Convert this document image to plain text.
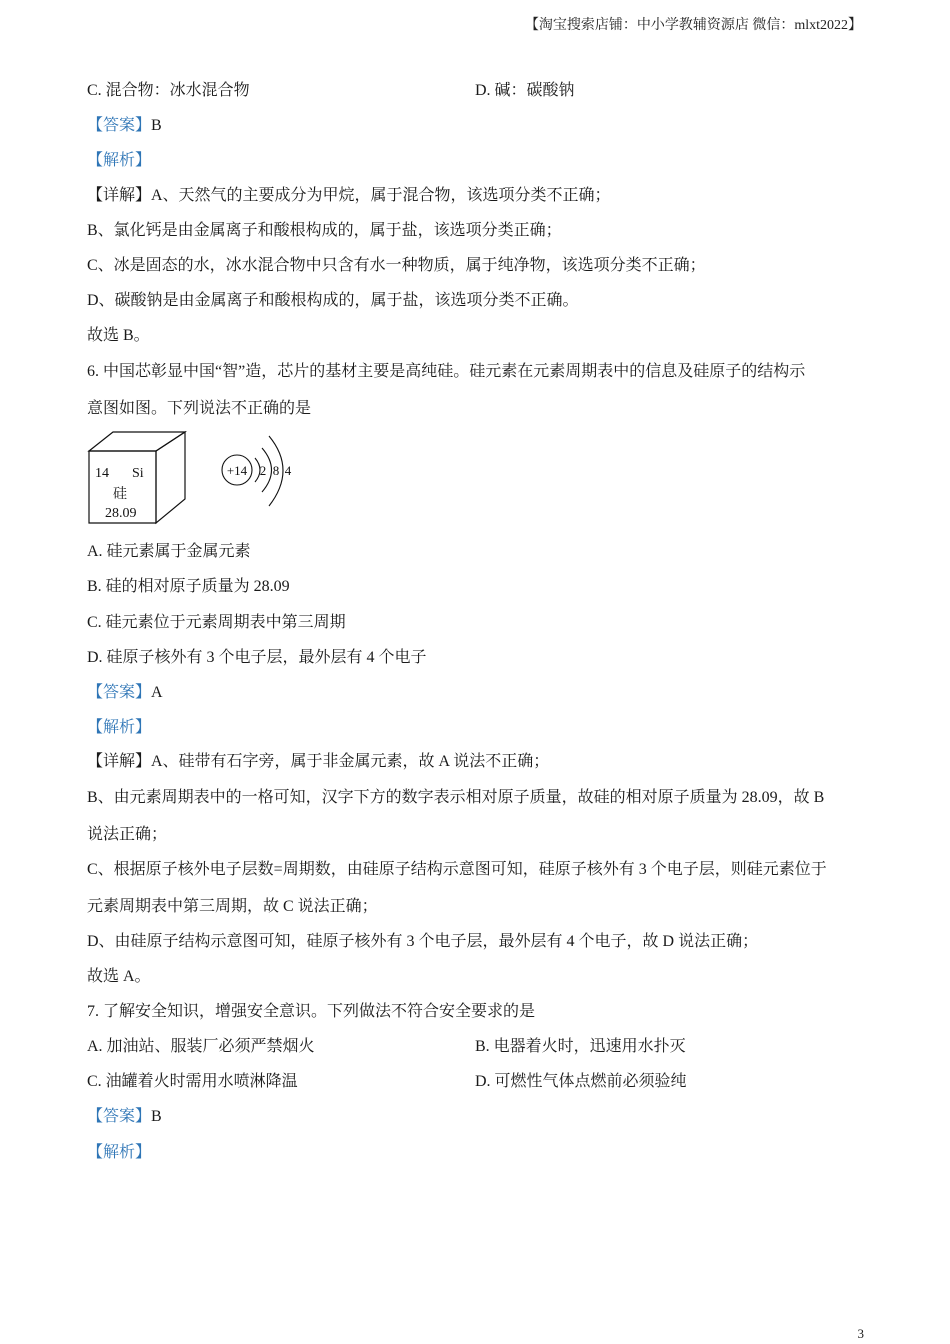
【淘宝搜索店铺：中小学教辅资源店 微信：mlxt2022】
C. 混合物：冰水混合物	D. 碱：碳酸钠
【答案】B
【解析】
【详解】A、天然气的主要成分为甲烷，属于混合物，该选项分类不正确；
B、氯化钙是由金属离子和酸根构成的，属于盐，该选项分类正确；
C、冰是固态的水，冰水混合物中只含有水一种物质，属于纯净物，该选项分类不正确；
D、碳酸钠是由金属离子和酸根构成的，属于盐，该选项分类不正确。
故选 B。
6. 中国芯彰显中国“智”造，芯片的基材主要是高纯硅。硅元素在元素周期表中的信息及硅原子的结构示
意图如图。下列说法不正确的是
14 Si
硅
28.09
+14 2 8 4
A. 硅元素属于金属元素
B. 硅的相对原子质量为 28.09
C. 硅元素位于元素周期表中第三周期
D. 硅原子核外有 3 个电子层，最外层有 4 个电子
【答案】A
【解析】
【详解】A、硅带有石字旁，属于非金属元素，故 A 说法不正确；
B、由元素周期表中的一格可知，汉字下方的数字表示相对原子质量，故硅的相对原子质量为 28.09，故 B
说法正确；
C、根据原子核外电子层数=周期数，由硅原子结构示意图可知，硅原子核外有 3 个电子层，则硅元素位于
元素周期表中第三周期，故 C 说法正确；
D、由硅原子结构示意图可知，硅原子核外有 3 个电子层，最外层有 4 个电子，故 D 说法正确；
故选 A。
7. 了解安全知识，增强安全意识。下列做法不符合安全要求的是
A. 加油站、服装厂必须严禁烟火	B. 电器着火时，迅速用水扑灭
C. 油罐着火时需用水喷淋降温	D. 可燃性气体点燃前必须验纯
【答案】B
【解析】
3
